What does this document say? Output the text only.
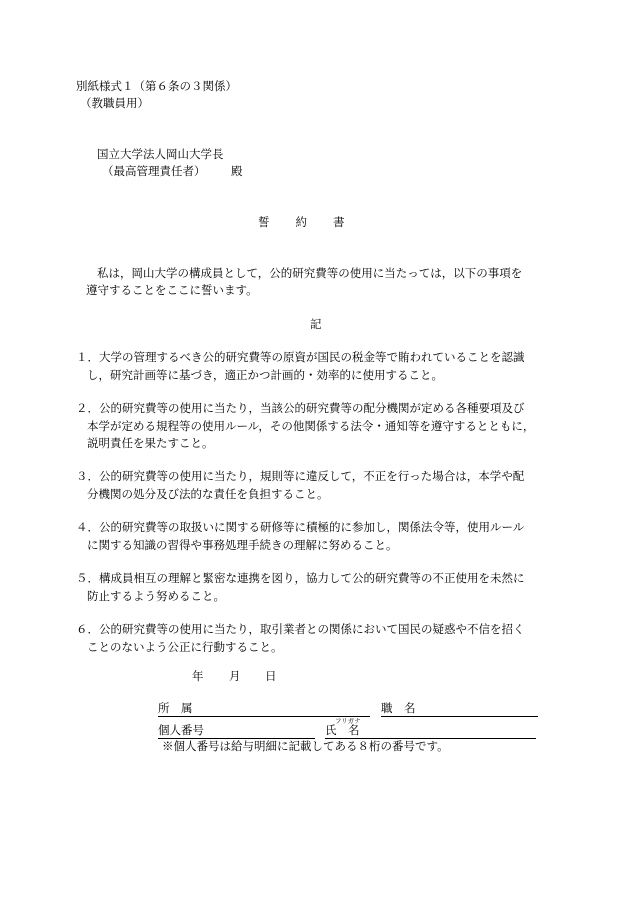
別紙様式１（第６条の３関係）
（教職員用）
国立大学法人岡山大学長
（最高管理責任者） 殿
誓　　約　　書
私は，岡山大学の構成員として，公的研究費等の使用に当たっては，以下の事項を
遵守することをここに誓います。
記
１．大学の管理するべき公的研究費等の原資が国民の税金等で賄われていることを認識
し，研究計画等に基づき，適正かつ計画的・効率的に使用すること。
２．公的研究費等の使用に当たり，当該公的研究費等の配分機関が定める各種要項及び
本学が定める規程等の使用ルール，その他関係する法令・通知等を遵守するとともに，
説明責任を果たすこと。
３．公的研究費等の使用に当たり，規則等に違反して，不正を行った場合は，本学や配
分機関の処分及び法的な責任を負担すること。
４．公的研究費等の取扱いに関する研修等に積極的に参加し，関係法令等，使用ルール
に関する知識の習得や事務処理手続きの理解に努めること。
５．構成員相互の理解と緊密な連携を図り，協力して公的研究費等の不正使用を未然に
防止するよう努めること。
６．公的研究費等の使用に当たり，取引業者との関係において国民の疑惑や不信を招く
ことのないよう公正に行動すること。
年 月 日
所　属	職　名
フリガナ
個人番号	氏　名
※個人番号は給与明細に記載してある８桁の番号です。
